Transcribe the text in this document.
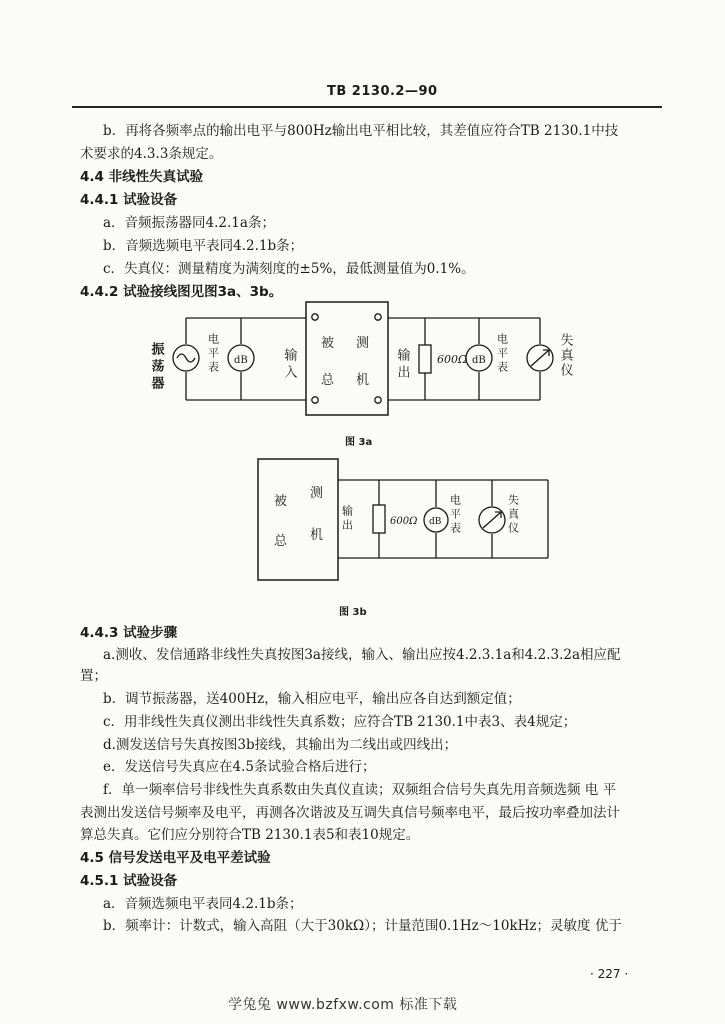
TB 2130.2—90
b．再将各频率点的输出电平与800Hz输出电平相比较，其差值应符合TB 2130.1中技
术要求的4.3.3条规定。
4.4 非线性失真试验
4.4.1 试验设备
a．音频振荡器同4.2.1a条；
b．音频选频电平表同4.2.1b条；
c．失真仪：测量精度为满刻度的±5%，最低测量值为0.1%。
4.4.2 试验接线图见图3a、3b。
振荡器	电平表 dB	输入
被 测
总 机 输出	600Ω dB 电平表	失真仪
图 3a
被
测
总 机
输出	600Ω dB 电平表	失真仪
图 3b
4.4.3 试验步骤
a.测收、发信通路非线性失真按图3a接线，输入、输出应按4.2.3.1a和4.2.3.2a相应配
置；
b．调节振荡器，送400Hz，输入相应电平，输出应各自达到额定值；
c．用非线性失真仪测出非线性失真系数；应符合TB 2130.1中表3、表4规定；
d.测发送信号失真按图3b接线，其输出为二线出或四线出；
e．发送信号失真应在4.5条试验合格后进行；
f．单一频率信号非线性失真系数由失真仪直读；双频组合信号失真先用音频选频 电 平
表测出发送信号频率及电平，再测各次谐波及互调失真信号频率电平，最后按功率叠加法计
算总失真。它们应分别符合TB 2130.1表5和表10规定。
4.5 信号发送电平及电平差试验
4.5.1 试验设备
a．音频选频电平表同4.2.1b条；
b．频率计：计数式，输入高阻（大于30kΩ）；计量范围0.1Hz～10kHz；灵敏度 优于
· 227 ·
学兔兔 www.bzfxw.com 标准下载
